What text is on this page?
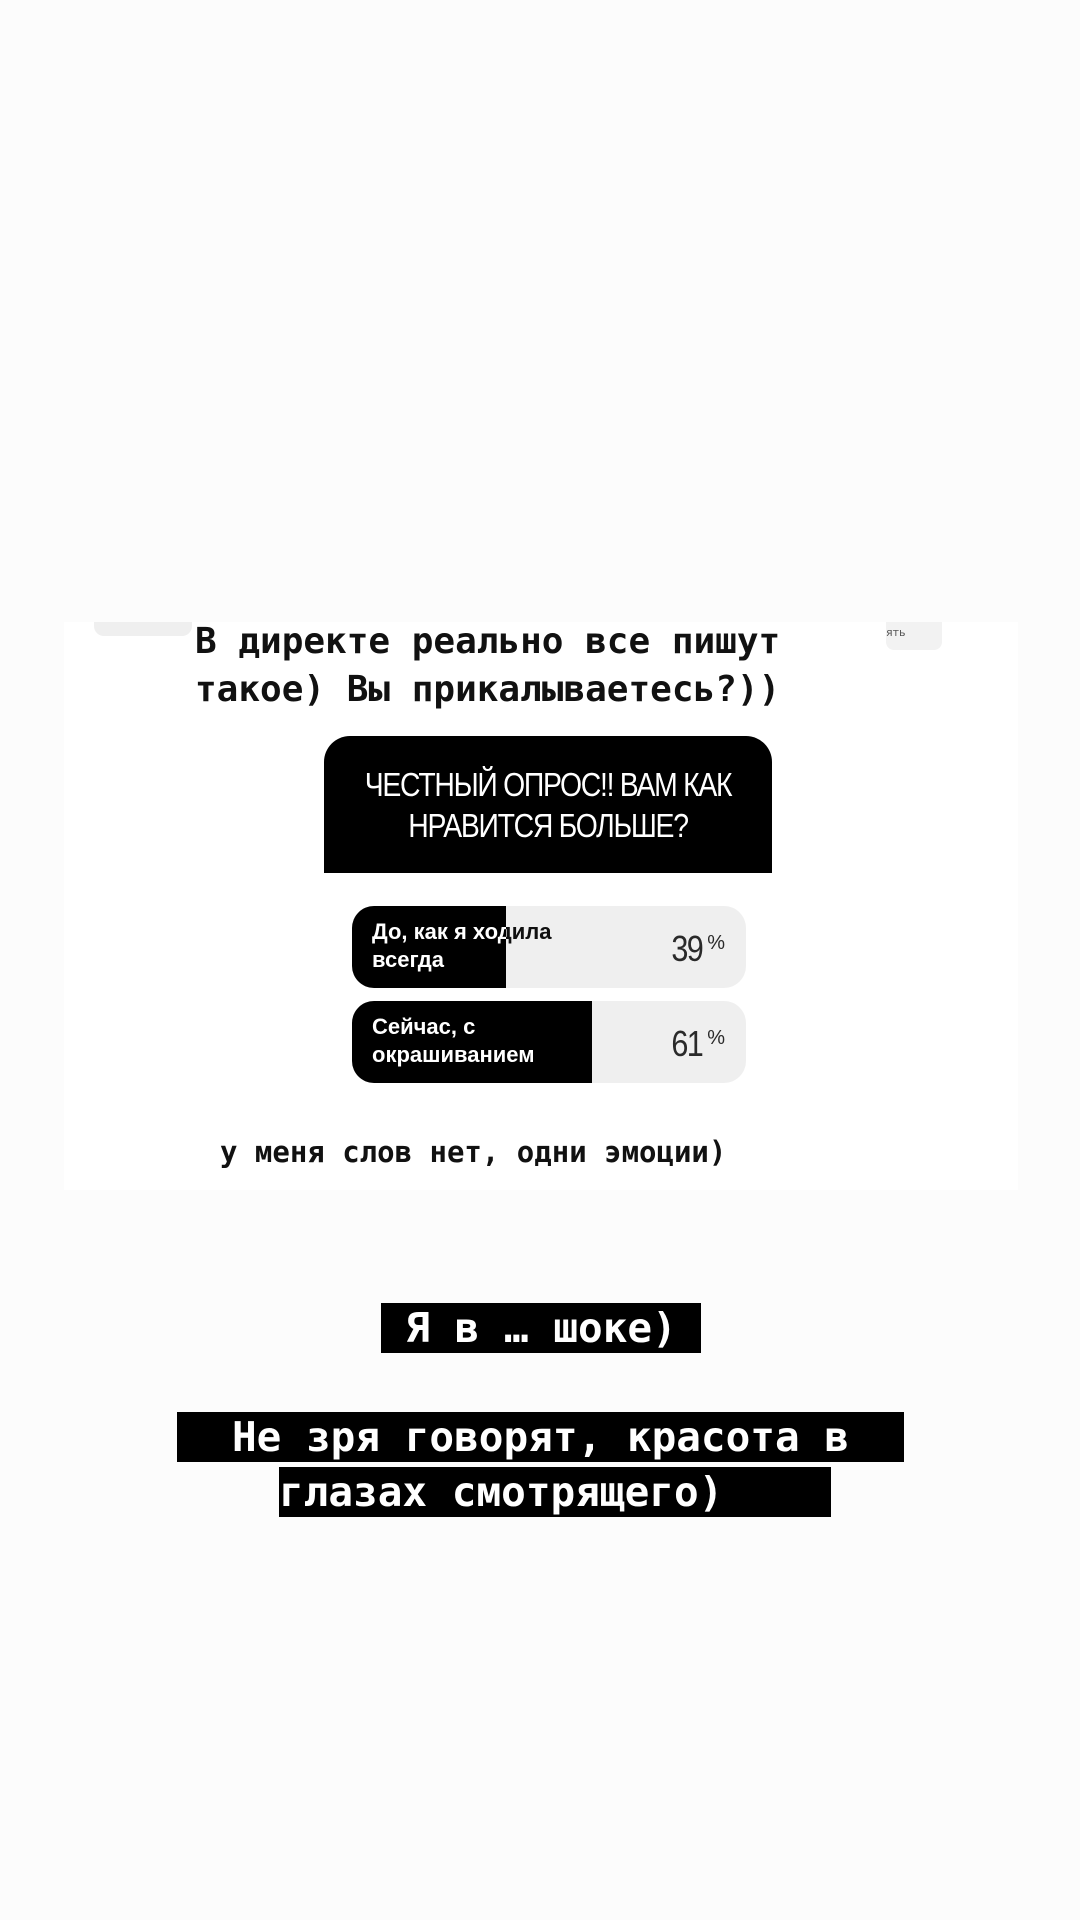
ять

В директе реально все пишут
такое) Вы прикалываетесь?))

ЧЕСТНЫЙ ОПРОС!! ВАМ КАК НРАВИТСЯ БОЛЬШЕ?

До, как я ходила
всегда	39 %
Сейчас, с
окрашиванием	61 %

у меня слов нет, одни эмоции)

Я в … шоке)

Не зря говорят, красота в

глазах смотрящего)
